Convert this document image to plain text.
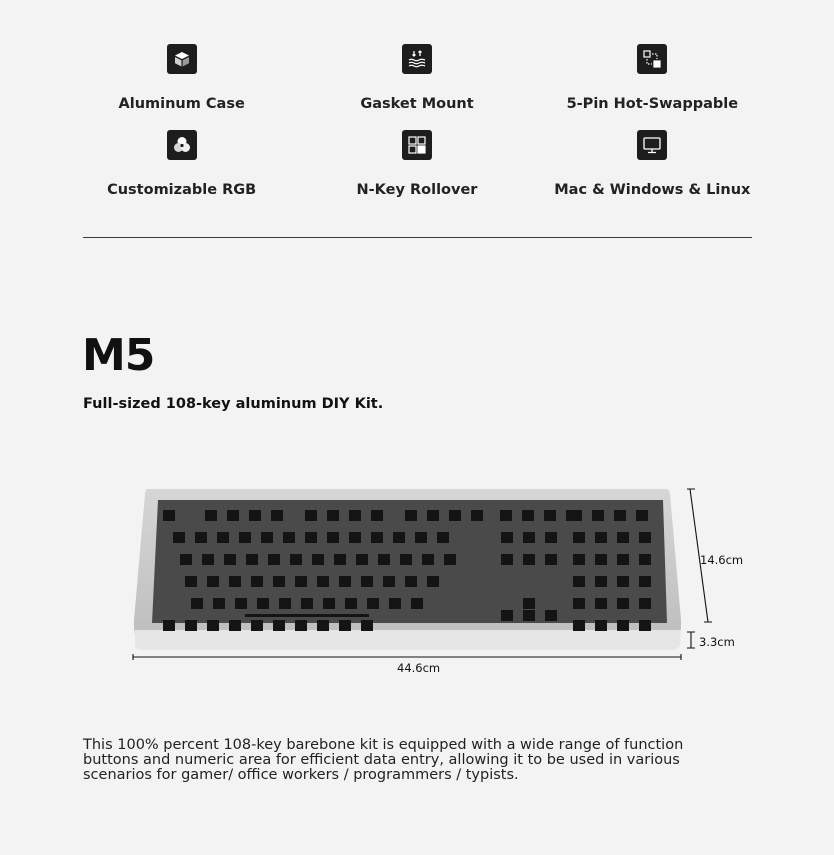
Aluminum Case	Gasket Mount	5-Pin Hot-Swappable
Customizable RGB	N-Key Rollover	Mac & Windows & Linux
M5
Full-sized 108-key aluminum DIY Kit.
14.6cm
3.3cm
44.6cm
This 100% percent 108-key barebone kit is equipped with a wide range of function buttons and numeric area for efficient data entry, allowing it to be used in various scenarios for gamer/ office workers / programmers / typists.
